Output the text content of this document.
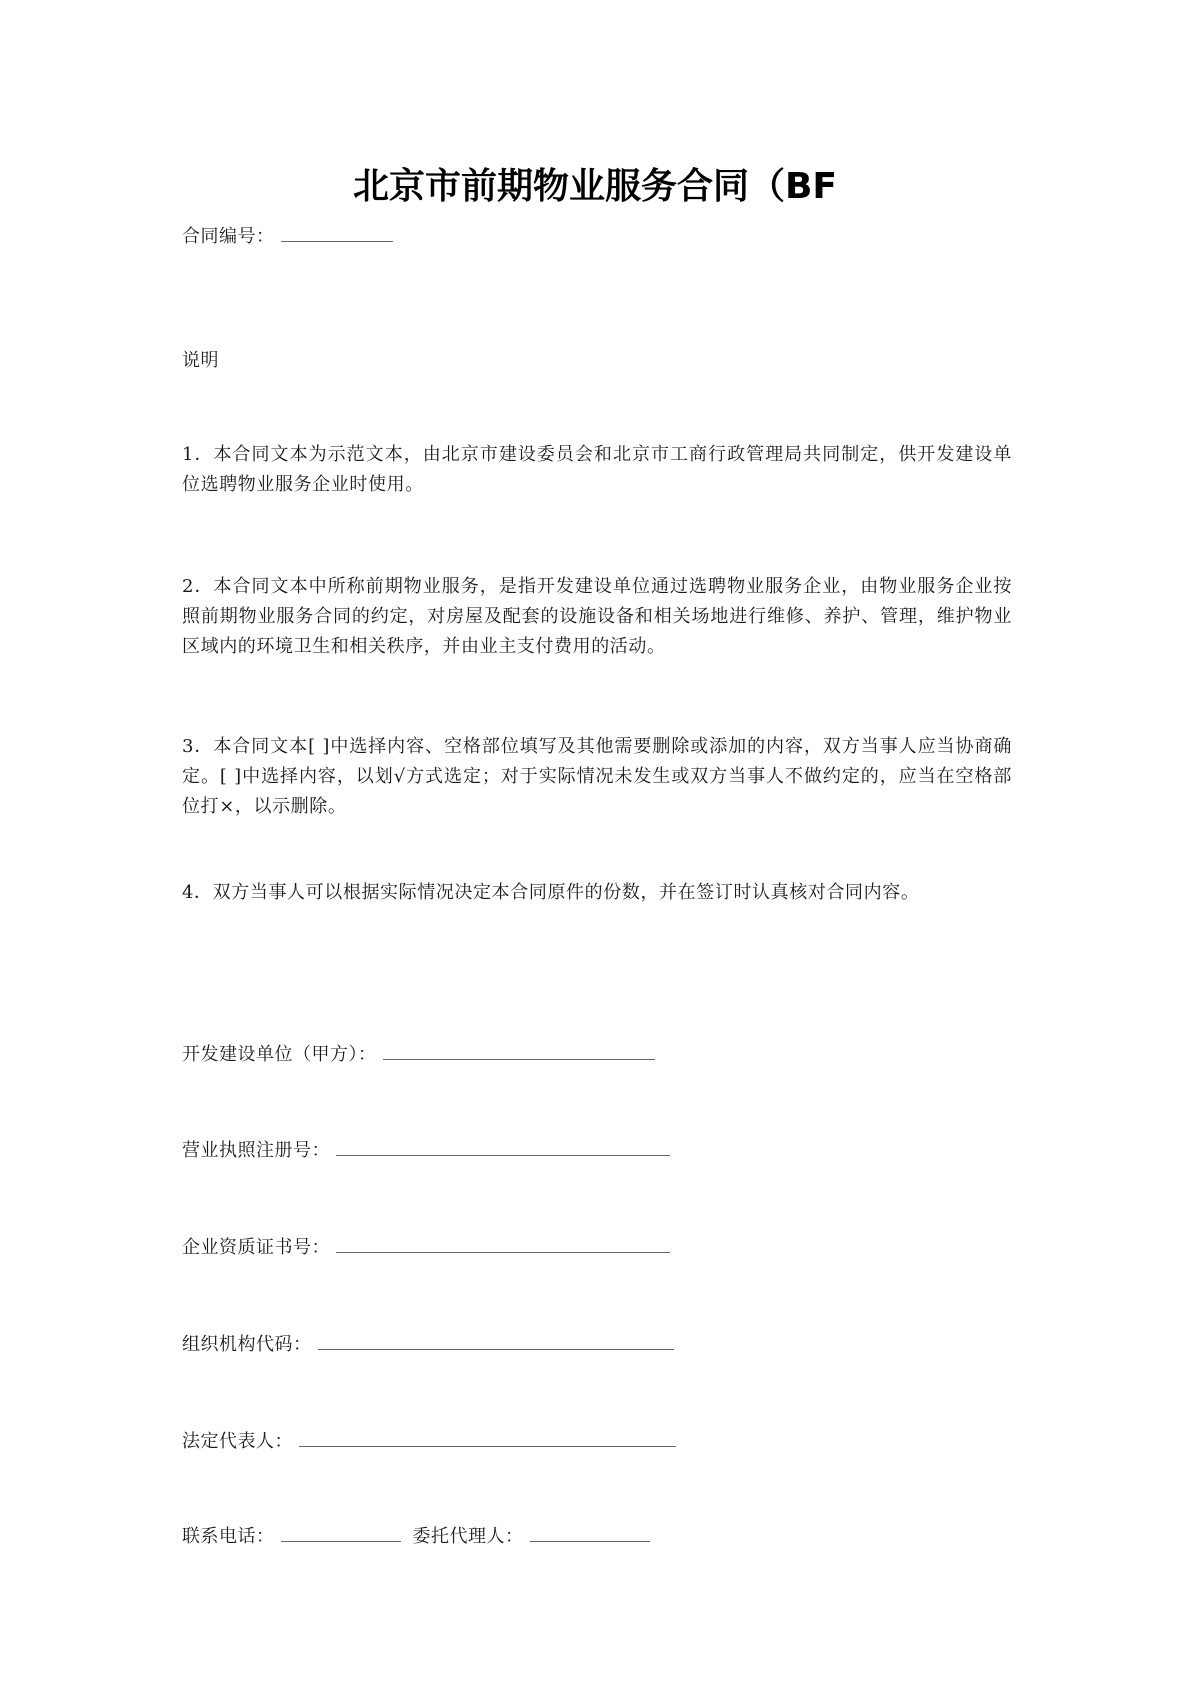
北京市前期物业服务合同（BF
合同编号：
说明
1．本合同文本为示范文本，由北京市建设委员会和北京市工商行政管理局共同制定，供开发建设单位选聘物业服务企业时使用。
2．本合同文本中所称前期物业服务，是指开发建设单位通过选聘物业服务企业，由物业服务企业按照前期物业服务合同的约定，对房屋及配套的设施设备和相关场地进行维修、养护、管理，维护物业区域内的环境卫生和相关秩序，并由业主支付费用的活动。
3．本合同文本[ ]中选择内容、空格部位填写及其他需要删除或添加的内容，双方当事人应当协商确定。[ ]中选择内容，以划√方式选定；对于实际情况未发生或双方当事人不做约定的，应当在空格部位打×，以示删除。
4．双方当事人可以根据实际情况决定本合同原件的份数，并在签订时认真核对合同内容。
开发建设单位（甲方）：
营业执照注册号：
企业资质证书号：
组织机构代码：
法定代表人：
联系电话：	委托代理人：
